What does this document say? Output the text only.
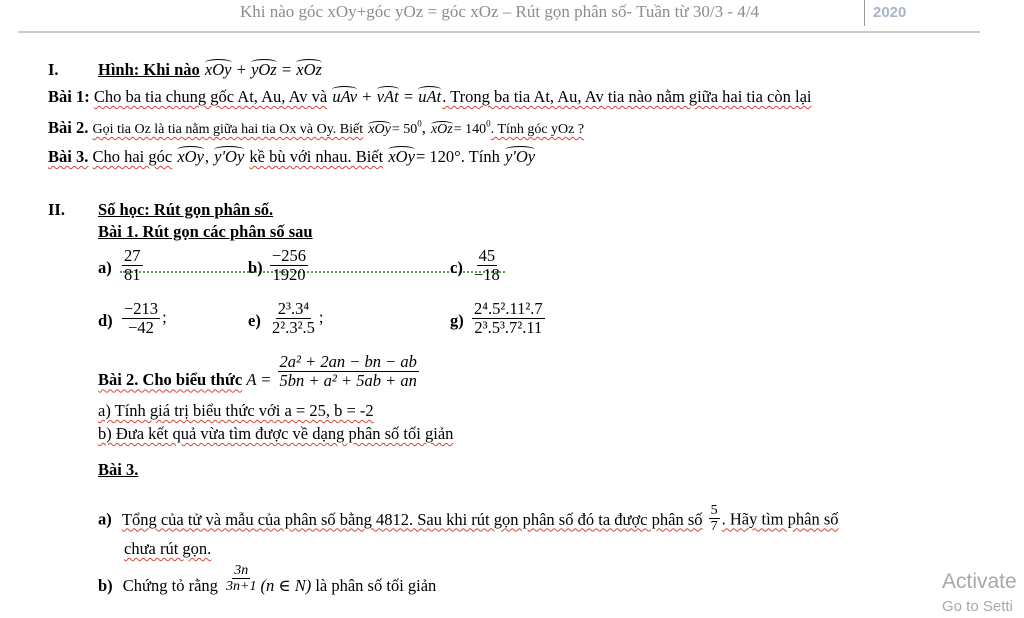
Khi nào góc xOy+góc yOz = góc xOz – Rút gọn phân số- Tuần từ 30/3 - 4/4	2020
I. Hình: Khi nào xOy + yOz = xOz
Bài 1: Cho ba tia chung gốc At, Au, Av và uAv + vAt = uAt. Trong ba tia At, Au, Av tia nào nằm giữa hai tia còn lại
Bài 2. Gọi tia Oz là tia nằm giữa hai tia Ox và Oy. Biết $xOy= 50^0$, $xOz= 140^0$. Tính góc yOz ?
Bài 3. Cho hai góc xOy, y'Oy kề bù với nhau. Biết xOy= 120°. Tính y'Oy
II. Số học: Rút gọn phân số.
Bài 1. Rút gọn các phân số sau
$a) \frac{27}{81}$	$b) \frac{-256}{1920}$	$c) \frac{45}{-18}$
$d) \frac{-213}{-42}$ ;	$e) \frac{\text{2³.3⁴}}{\text{2².3².5}}$ ;	$g) \frac{\text{2⁴.5².11².7}}{\text{2³.5³.7².11}}$
Bài 2. Cho biểu thức $A = \frac{\text{2a² + 2an − bn − ab}}{\text{5bn + a² + 5ab + an}}$
a) Tính giá trị biểu thức với a = 25, b = -2
b) Đưa kết quả vừa tìm được về dạng phân số tối giản
Bài 3.
a) Tổng của tử và mẫu của phân số bằng 4812. Sau khi rút gọn phân số đó ta được phân số $\frac{5}{7}$ . Hãy tìm phân số
chưa rút gọn.
b) Chứng tỏ rằng $\frac{3n}{3n+1} (n$ ∈ N) là phân số tối giản	Activate
Go to Setti
